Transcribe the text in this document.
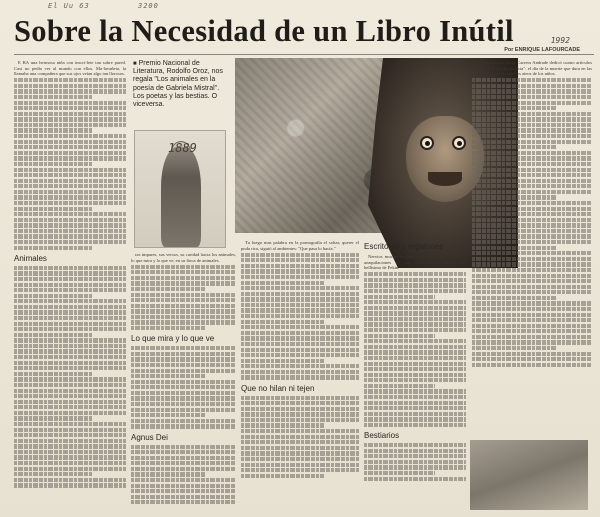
El Uu 63	3200
1992
Sobre la Necesidad de un Libro Inútil
Por ENRIQUE LAFOURCADE

E RA una hermosa niña con inscri-lete tan sobre pared. Casi no pedía ver al mundo con ellos. Ma-lavañeta, la llamaba una compañera que sus ojos veían algo tan llorosos.

Animales
■ Premio Nacional de Literatura, Rodolfo Oroz, nos regala "Los animales en la poesía de Gabriela Mistral". Los poetas y las bestias. O viceversa.
1889

ras impares, sus versos, su caridad hacia los animales, lo que mira y lo que ve, en su finca de animales.

Lo que mira y lo que ve
Agnus Dei

Tu luego mas palabra en la pornografía el soltar, querer el poda rica, siguió al ambientes: "Que pasa lo hacía."

Que no hilan ni tejen
Escritores y regalones

Nervios mucho los perros. Un soliloquio sobre la azaquilaciones de sus nacimientos, decían del bellísimo de Pekin.

Bestiarios

El ensanchador Jorge Carrera Andrade dedicó cuatro artículos al estudio "La vida perfecta": el día de la muerte que dura en las calles, el río en el cielo los ateos de los niños.
